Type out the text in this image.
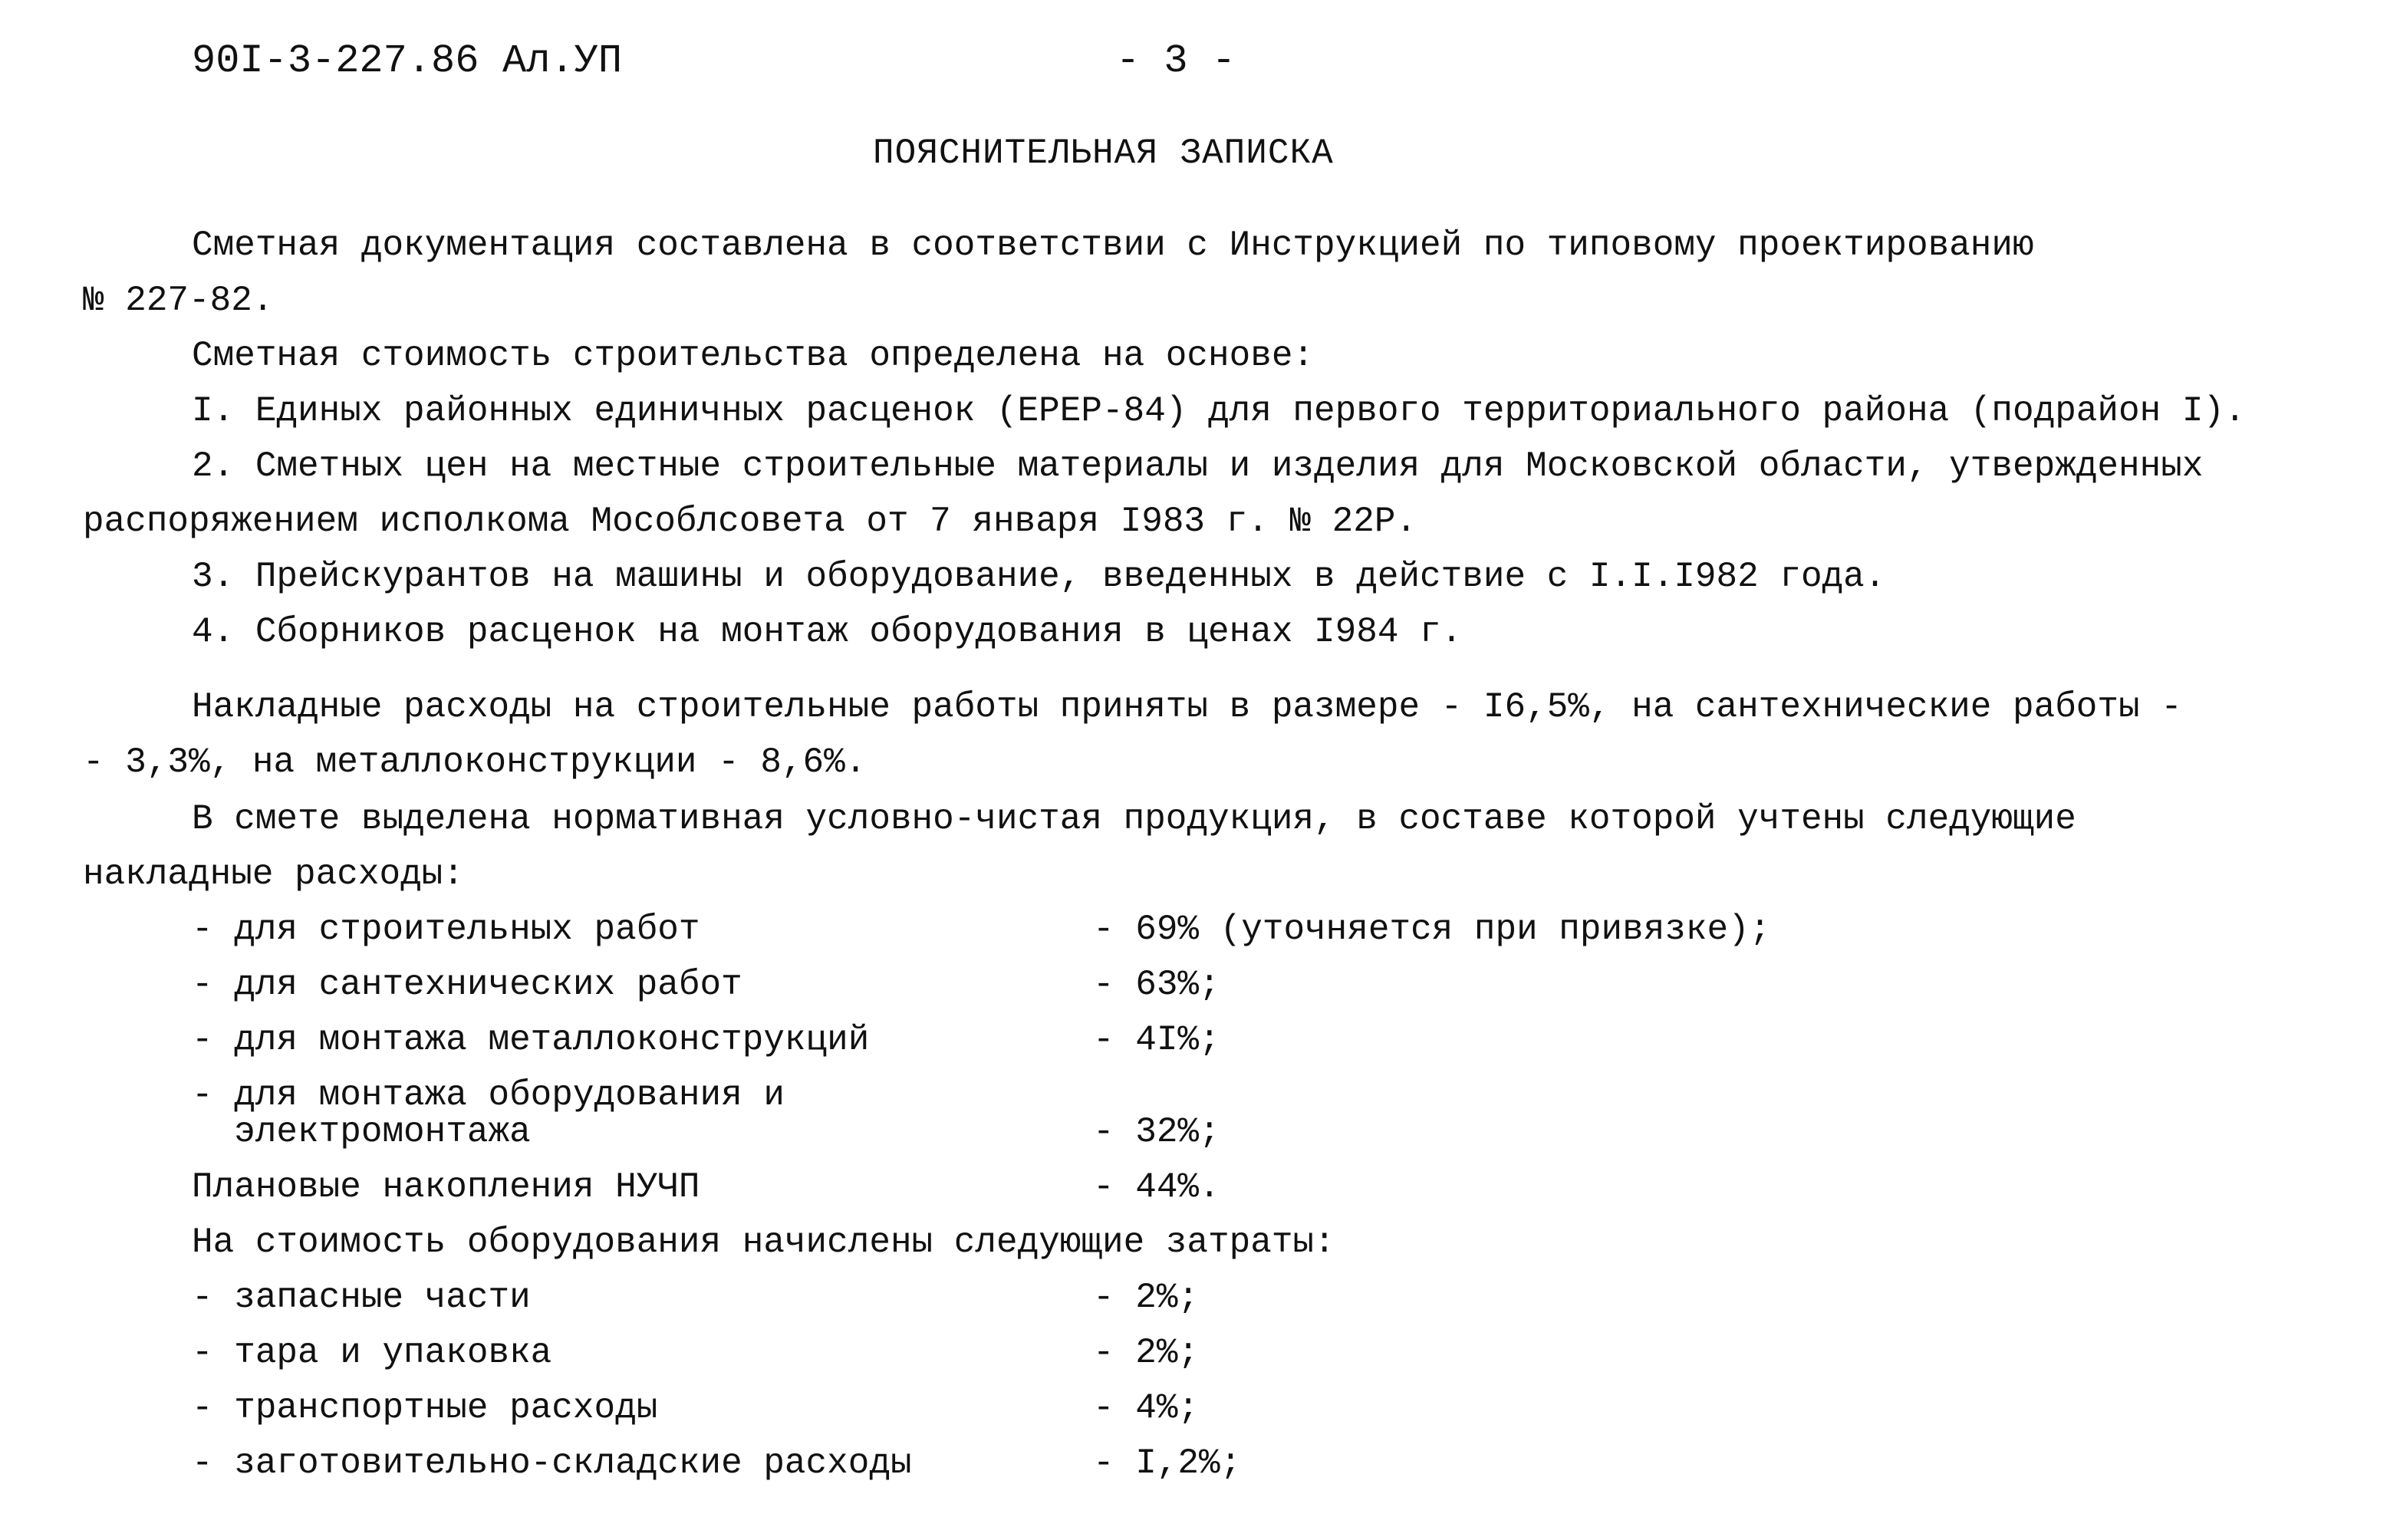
90I-3-227.86 Ал.УП	- 3 -
ПОЯСНИТЕЛЬНАЯ ЗАПИСКА
Сметная документация составлена в соответствии с Инструкцией по типовому проектированию
№ 227-82.
Сметная стоимость строительства определена на основе:
I. Единых районных единичных расценок (ЕРЕР-84) для первого территориального района (подрайон I).
2. Сметных цен на местные строительные материалы и изделия для Московской области, утвержденных
распоряжением исполкома Мособлсовета от 7 января I983 г. № 22Р.
3. Прейскурантов на машины и оборудование, введенных в действие с I.I.I982 года.
4. Сборников расценок на монтаж оборудования в ценах I984 г.
Накладные расходы на строительные работы приняты в размере - I6,5%, на сантехнические работы -
- 3,3%, на металлоконструкции - 8,6%.
В смете выделена нормативная условно-чистая продукция, в составе которой учтены следующие
накладные расходы:
- для строительных работ	- 69% (уточняется при привязке);
- для сантехнических работ	- 63%;
- для монтажа металлоконструкций	- 4I%;
- для монтажа оборудования и
электромонтажа	- 32%;
Плановые накопления НУЧП	- 44%.
На стоимость оборудования начислены следующие затраты:
- запасные части	- 2%;
- тара и упаковка	- 2%;
- транспортные расходы	- 4%;
- заготовительно-складские расходы	- I,2%;
